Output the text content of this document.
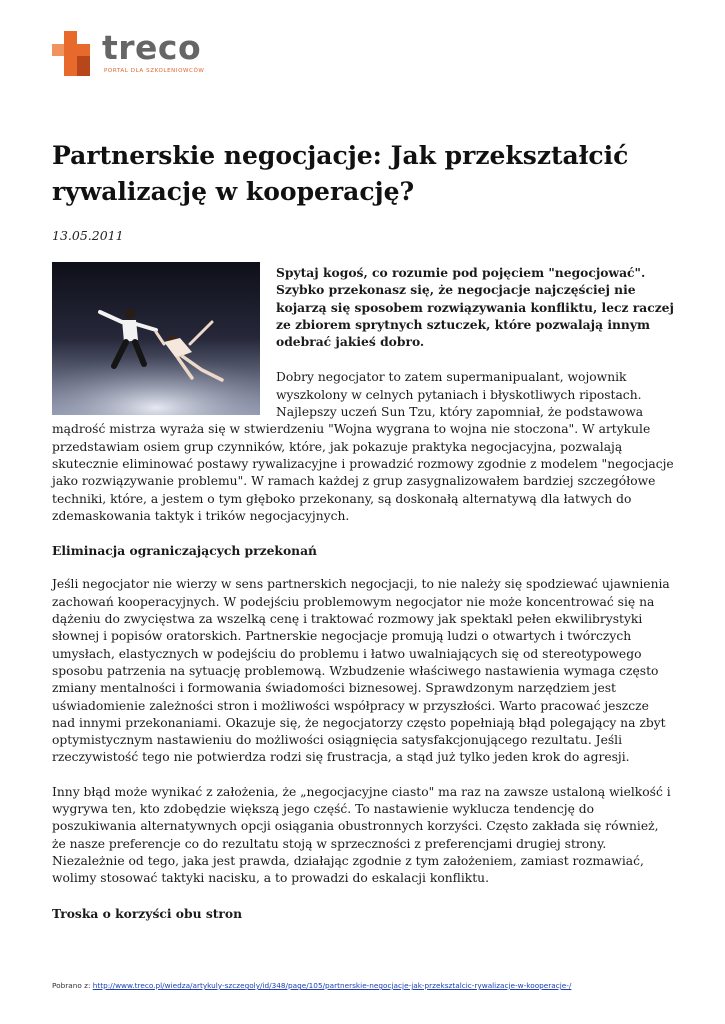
treco
PORTAL DLA SZKOLENIOWCÓW
Partnerskie negocjacje: Jak przekształcić rywalizację w kooperację?
13.05.2011

Spytaj kogoś, co rozumie pod pojęciem "negocjować". Szybko przekonasz się, że negocjacje najczęściej nie kojarzą się sposobem rozwiązywania konfliktu, lecz raczej ze zbiorem sprytnych sztuczek, które pozwalają innym odebrać jakieś dobro.

Dobry negocjator to zatem supermanipualant, wojownik wyszkolony w celnych pytaniach i błyskotliwych ripostach. Najlepszy uczeń Sun Tzu, który zapomniał, że podstawowa mądrość mistrza wyraża się w stwierdzeniu "Wojna wygrana to wojna nie stoczona". W artykule przedstawiam osiem grup czynników, które, jak pokazuje praktyka negocjacyjna, pozwalają skutecznie eliminować postawy rywalizacyjne i prowadzić rozmowy zgodnie z modelem "negocjacje jako rozwiązywanie problemu". W ramach każdej z grup zasygnalizowałem bardziej szczegółowe techniki, które, a jestem o tym głęboko przekonany, są doskonałą alternatywą dla łatwych do zdemaskowania taktyk i trików negocjacyjnych.

Eliminacja ograniczających przekonań

Jeśli negocjator nie wierzy w sens partnerskich negocjacji, to nie należy się spodziewać ujawnienia zachowań kooperacyjnych. W podejściu problemowym negocjator nie może koncentrować się na dążeniu do zwycięstwa za wszelką cenę i traktować rozmowy jak spektakl pełen ekwilibrystyki słownej i popisów oratorskich. Partnerskie negocjacje promują ludzi o otwartych i twórczych umysłach, elastycznych w podejściu do problemu i łatwo uwalniających się od stereotypowego sposobu patrzenia na sytuację problemową. Wzbudzenie właściwego nastawienia wymaga często zmiany mentalności i formowania świadomości biznesowej. Sprawdzonym narzędziem jest uświadomienie zależności stron i możliwości współpracy w przyszłości. Warto pracować jeszcze nad innymi przekonaniami. Okazuje się, że negocjatorzy często popełniają błąd polegający na zbyt optymistycznym nastawieniu do możliwości osiągnięcia satysfakcjonującego rezultatu. Jeśli rzeczywistość tego nie potwierdza rodzi się frustracja, a stąd już tylko jeden krok do agresji.

Inny błąd może wynikać z założenia, że „negocjacyjne ciasto" ma raz na zawsze ustaloną wielkość i wygrywa ten, kto zdobędzie większą jego część. To nastawienie wyklucza tendencję do poszukiwania alternatywnych opcji osiągania obustronnych korzyści. Często zakłada się również, że nasze preferencje co do rezultatu stoją w sprzeczności z preferencjami drugiej strony. Niezależnie od tego, jaka jest prawda, działając zgodnie z tym założeniem, zamiast rozmawiać, wolimy stosować taktyki nacisku, a to prowadzi do eskalacji konfliktu.

Troska o korzyści obu stron

Pobrano z: http://www.treco.pl/wiedza/artykuly-szczegoly/id/348/page/105/partnerskie-negocjacje-jak-przeksztalcic-rywalizacje-w-kooperacje-/
